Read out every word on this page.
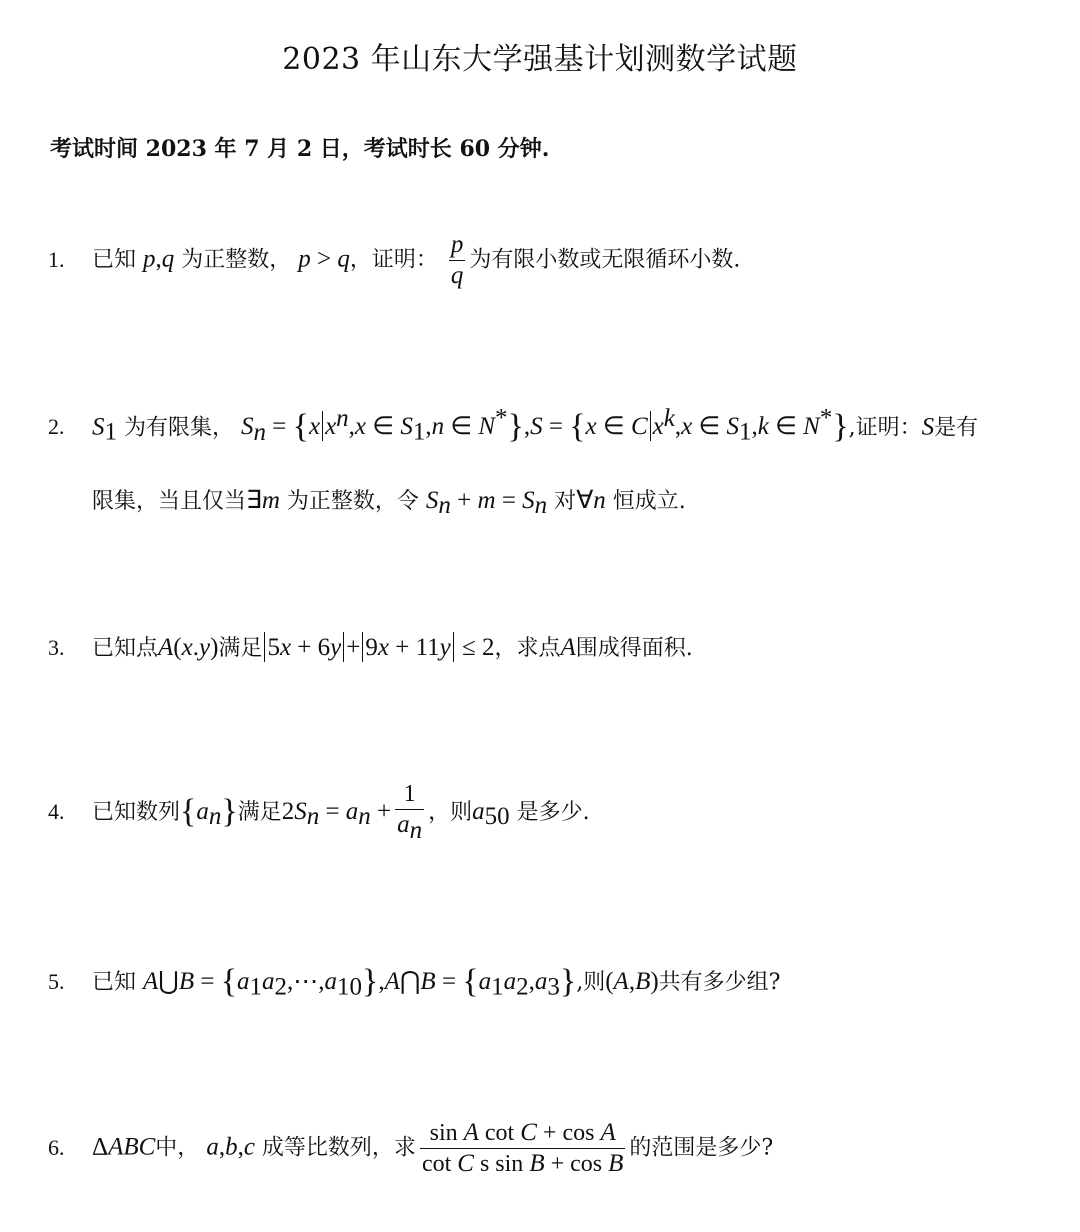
2023 年山东大学强基计划测数学试题
考试时间 2023 年 7 月 2 日，考试时长 60 分钟.
1. 已知 p,q 为正整数， p > q，证明： $\frac{p}{q}$ 为有限小数或无限循环小数.
2. $S_1$ 为有限集， $S_n = \{x$ $x^n,x$ ∈ $S_1,n$ ∈ N*},S = {x ∈ C $x^k,x$ ∈ $S_1,k$ ∈ N*},证明：S是有
限集，当且仅当∃m 为正整数，令 $S_n + m = S_n$ 对∀n 恒成立.
3. 已知点A(x.y)满足 5x + 6y + 9x + 11y ≤ 2，求点A围成得面积.
4. 已知数列$\{a_n\}$满足$2S_n = a_n + \frac{1}{a_n}$ ，则$a_{50}$ 是多少.
5. 已知 A⋃B = $\{a_1a_2,\cdots,a_{10}\},A⋂B = \{a_1a_2,a_3\}$,则(A,B)共有多少组?
6. ΔABC中， a,b,c 成等比数列，求 $\frac{\text{sin A cot C + cos A}}{\text{cot C s sin B + cos B}}$ 的范围是多少?
